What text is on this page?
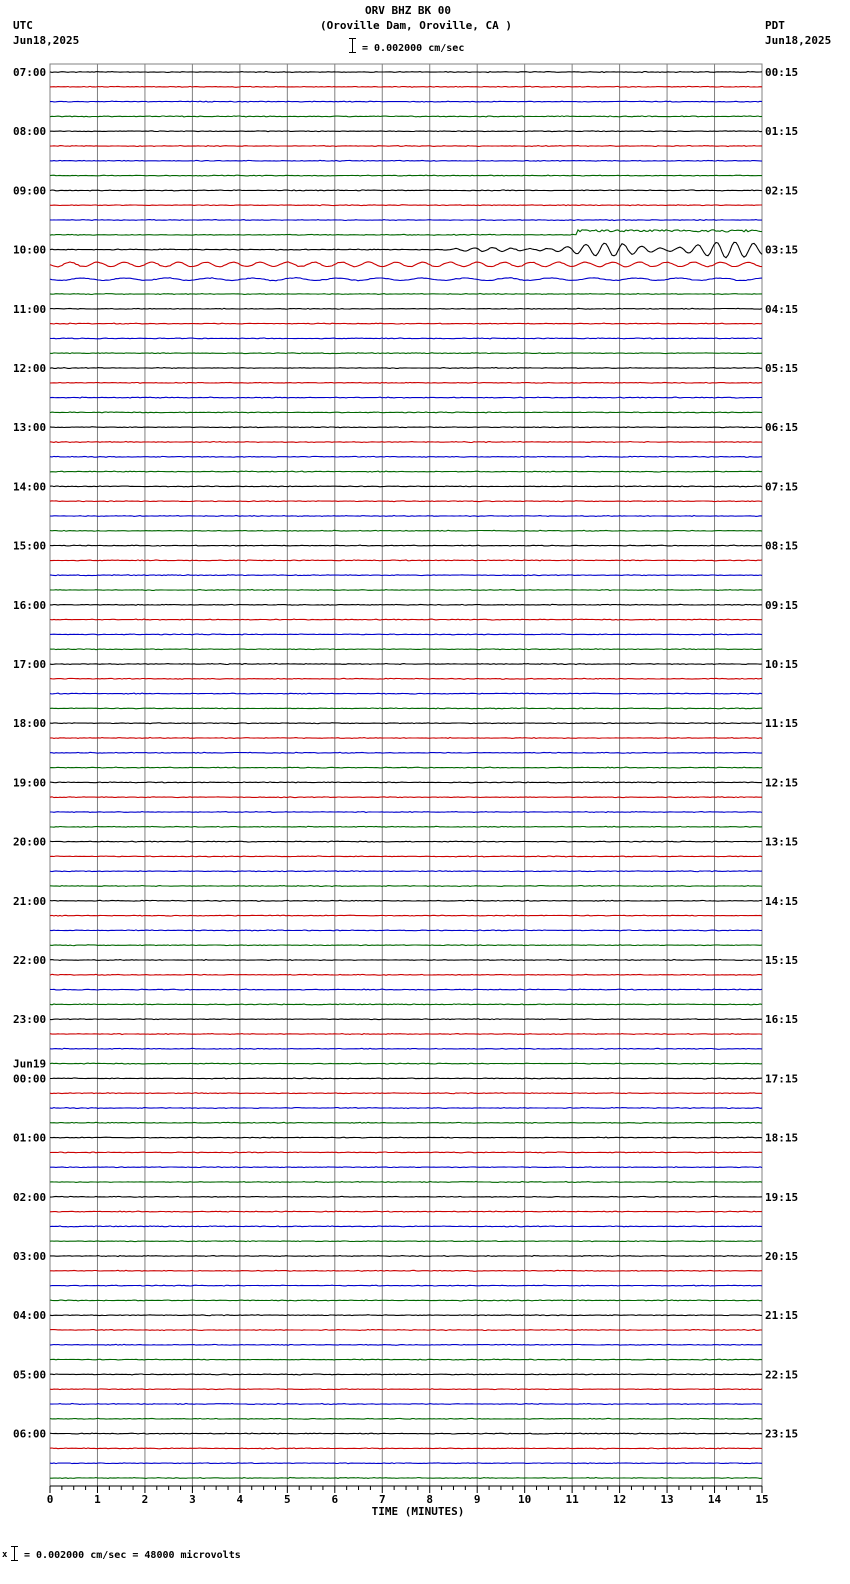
ORV BHZ BK 00
(Oroville Dam, Oroville, CA )
UTC
Jun18,2025
PDT
Jun18,2025
= 0.002000 cm/sec
07:00	00:15
08:00	01:15
09:00	02:15
10:00	03:15
11:00	04:15
12:00	05:15
13:00	06:15
14:00	07:15
15:00	08:15
16:00	09:15
17:00	10:15
18:00	11:15
19:00	12:15
20:00	13:15
21:00	14:15
22:00	15:15
23:00	16:15
00:00	17:15
01:00	18:15
02:00	19:15
03:00	20:15
04:00	21:15
05:00	22:15
06:00	23:15
Jun19
0	1	2	3	4	5	6	7	8	9	10	11	12	13	14	15
TIME (MINUTES)
x = 0.002000 cm/sec = 48000 microvolts
